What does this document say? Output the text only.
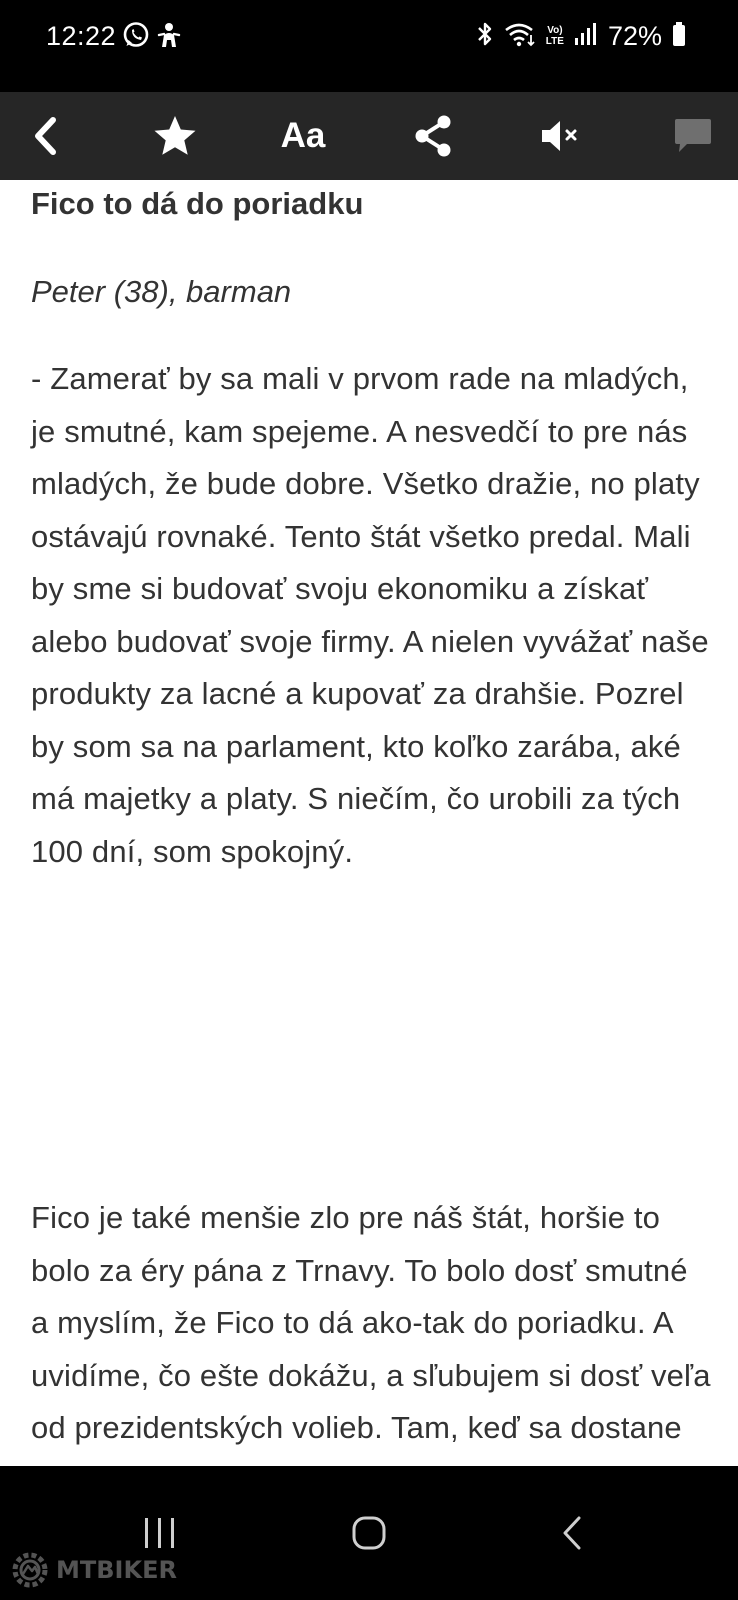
12:22	Vo)
LTE 72%
Aa
Fico to dá do poriadku

Peter (38), barman

- Zamerať by sa mali v prvom rade na mladých, je smutné, kam spejeme. A nesvedčí to pre nás mladých, že bude dobre. Všetko dražie, no platy ostávajú rovnaké. Tento štát všetko predal. Mali by sme si budovať svoju ekonomiku a získať alebo budovať svoje firmy. A nielen vyvážať naše produkty za lacné a kupovať za drahšie. Pozrel by som sa na parlament, kto koľko zarába, aké má majetky a platy. S niečím, čo urobili za tých 100 dní, som spokojný.

Fico je také menšie zlo pre náš štát, horšie to bolo za éry pána z Trnavy. To bolo dosť smutné a myslím, že Fico to dá ako-tak do poriadku. A uvidíme, čo ešte dokážu, a sľubujem si dosť veľa od prezidentských volieb. Tam, keď sa dostane

MTBIKER
